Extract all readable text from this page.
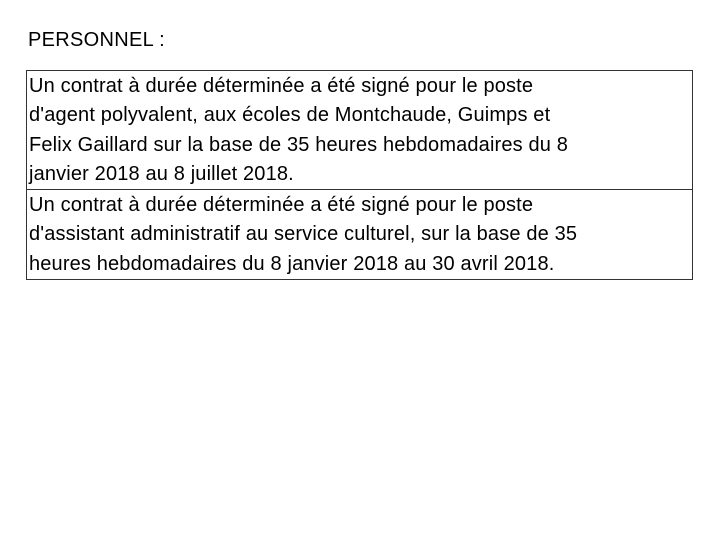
PERSONNEL :
Un contrat à durée déterminée a été signé pour le poste
d'agent polyvalent, aux écoles de Montchaude, Guimps et
Felix Gaillard sur la base de 35 heures hebdomadaires du 8
janvier 2018 au 8 juillet 2018.
Un contrat à durée déterminée a été signé pour le poste
d'assistant administratif au service culturel, sur la base de 35
heures hebdomadaires du 8 janvier 2018 au 30 avril 2018.
